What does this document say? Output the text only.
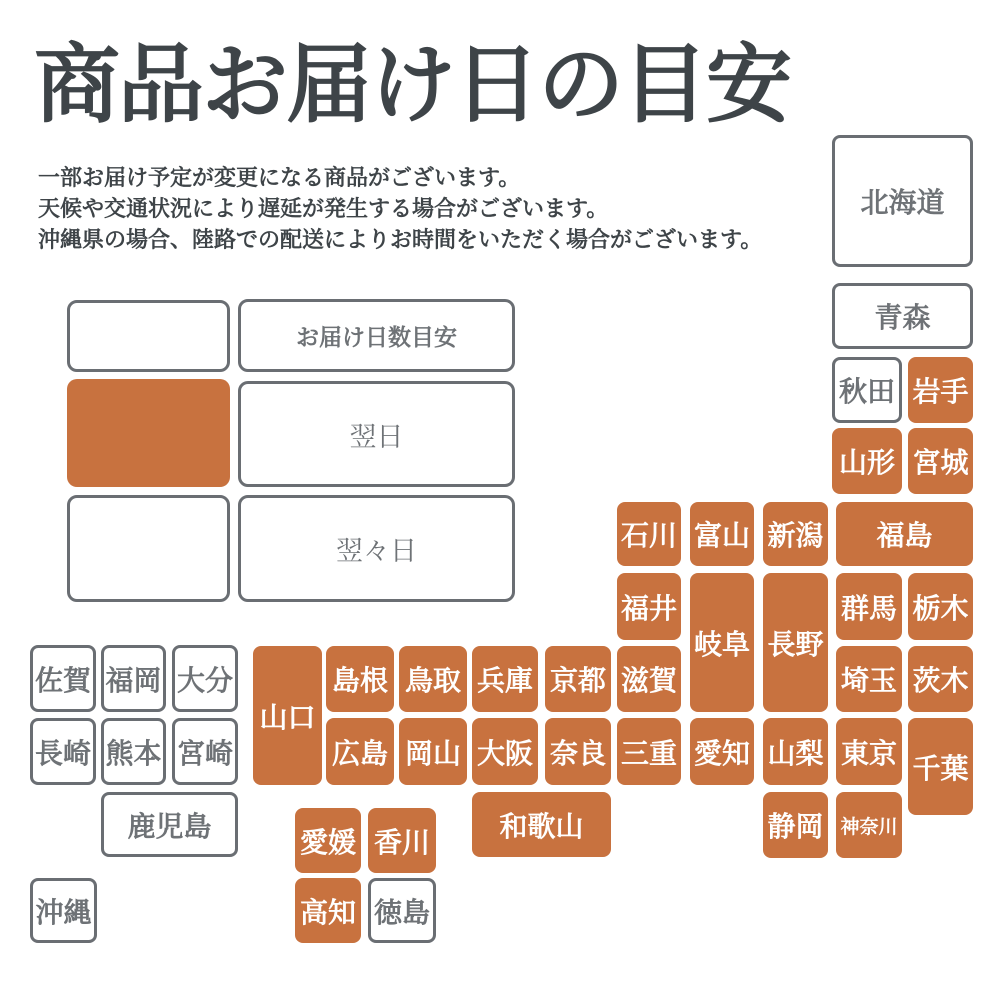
商品お届け日の目安

一部お届け予定が変更になる商品がございます。

天候や交通状況により遅延が発生する場合がございます。

沖縄県の場合、陸路での配送によりお時間をいただく場合がございます。

お届け日数目安
翌日
翌々日
北海道
青森
秋田 岩手
山形 宮城
石川 富山 新潟 福島
福井
岐阜 長野
群馬 栃木
滋賀	埼玉 茨木
佐賀 福岡 大分
山口
島根 鳥取 兵庫 京都
長崎 熊本 宮崎	広島 岡山 大阪 奈良 三重 愛知 山梨 東京 千葉
鹿児島	和歌山	静岡 神奈川
愛媛 香川
高知 徳島
沖縄
